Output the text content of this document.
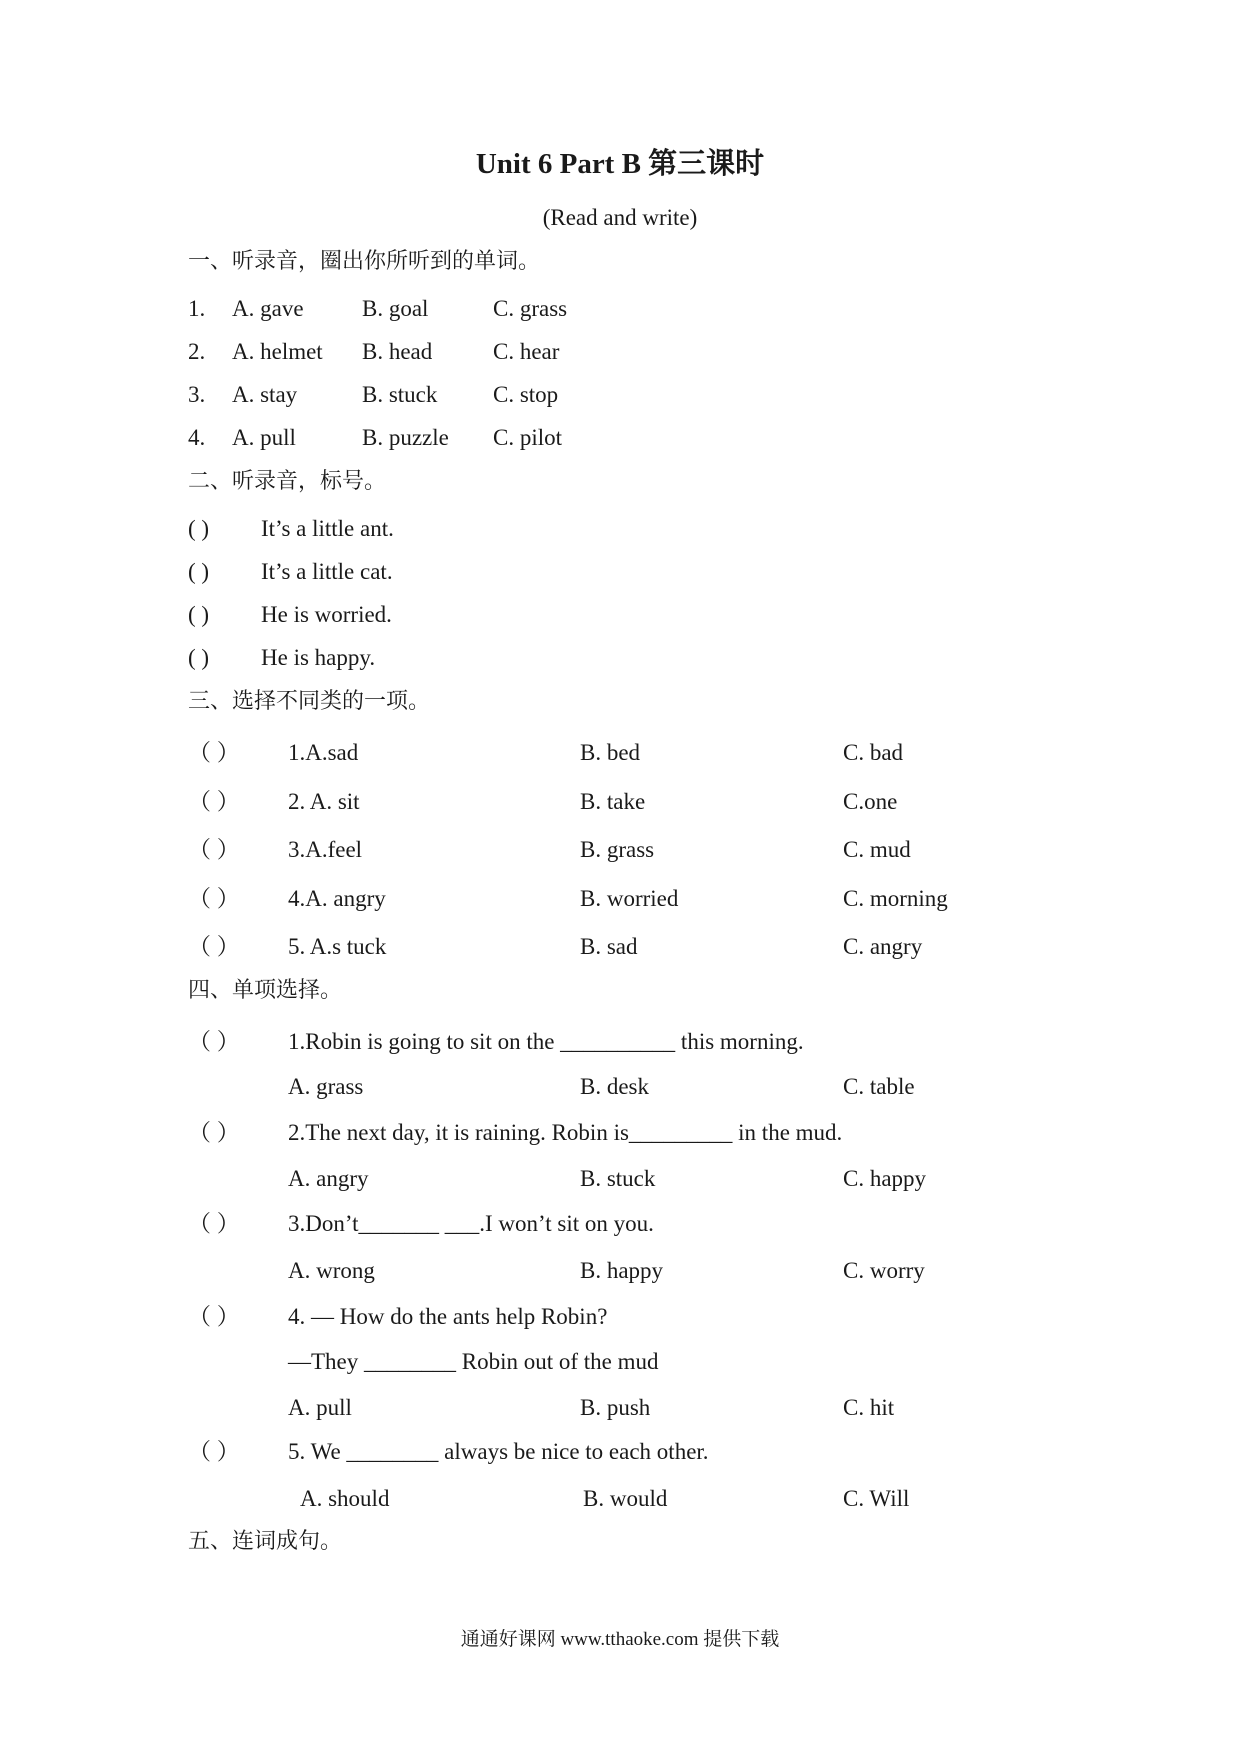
Unit 6 Part B 第三课时
(Read and write)
一、听录音，圈出你所听到的单词。
1. A. gave	B. goal	C. grass
2. A. helmet B. head	C. hear
3. A. stay	B. stuck C. stop
4. A. pull	B. puzzle C. pilot
二、听录音，标号。
( ) It’s a little ant.
( ) It’s a little cat.
( ) He is worried.
( ) He is happy.
三、选择不同类的一项。
（ ） 1.A.sad	B. bed	C. bad
（ ） 2. A. sit	B. take	C.one
（ ） 3.A.feel	B. grass	C. mud
（ ） 4.A. angry	B. worried	C. morning
（ ） 5. A.s tuck	B. sad	C. angry
四、单项选择。
（ ） 1.Robin is going to sit on the __________ this morning.
A. grass	B. desk	C. table
（ ） 2.The next day, it is raining. Robin is_________ in the mud.
A. angry	B. stuck	C. happy
（ ） 3.Don’t_______ ___.I won’t sit on you.
A. wrong	B. happy	C. worry
（ ） 4. — How do the ants help Robin?
—They ________ Robin out of the mud
A. pull	B. push	C. hit
（ ） 5. We ________ always be nice to each other.
A. should	B. would	C. Will
五、连词成句。
通通好课网 www.tthaoke.com 提供下载
